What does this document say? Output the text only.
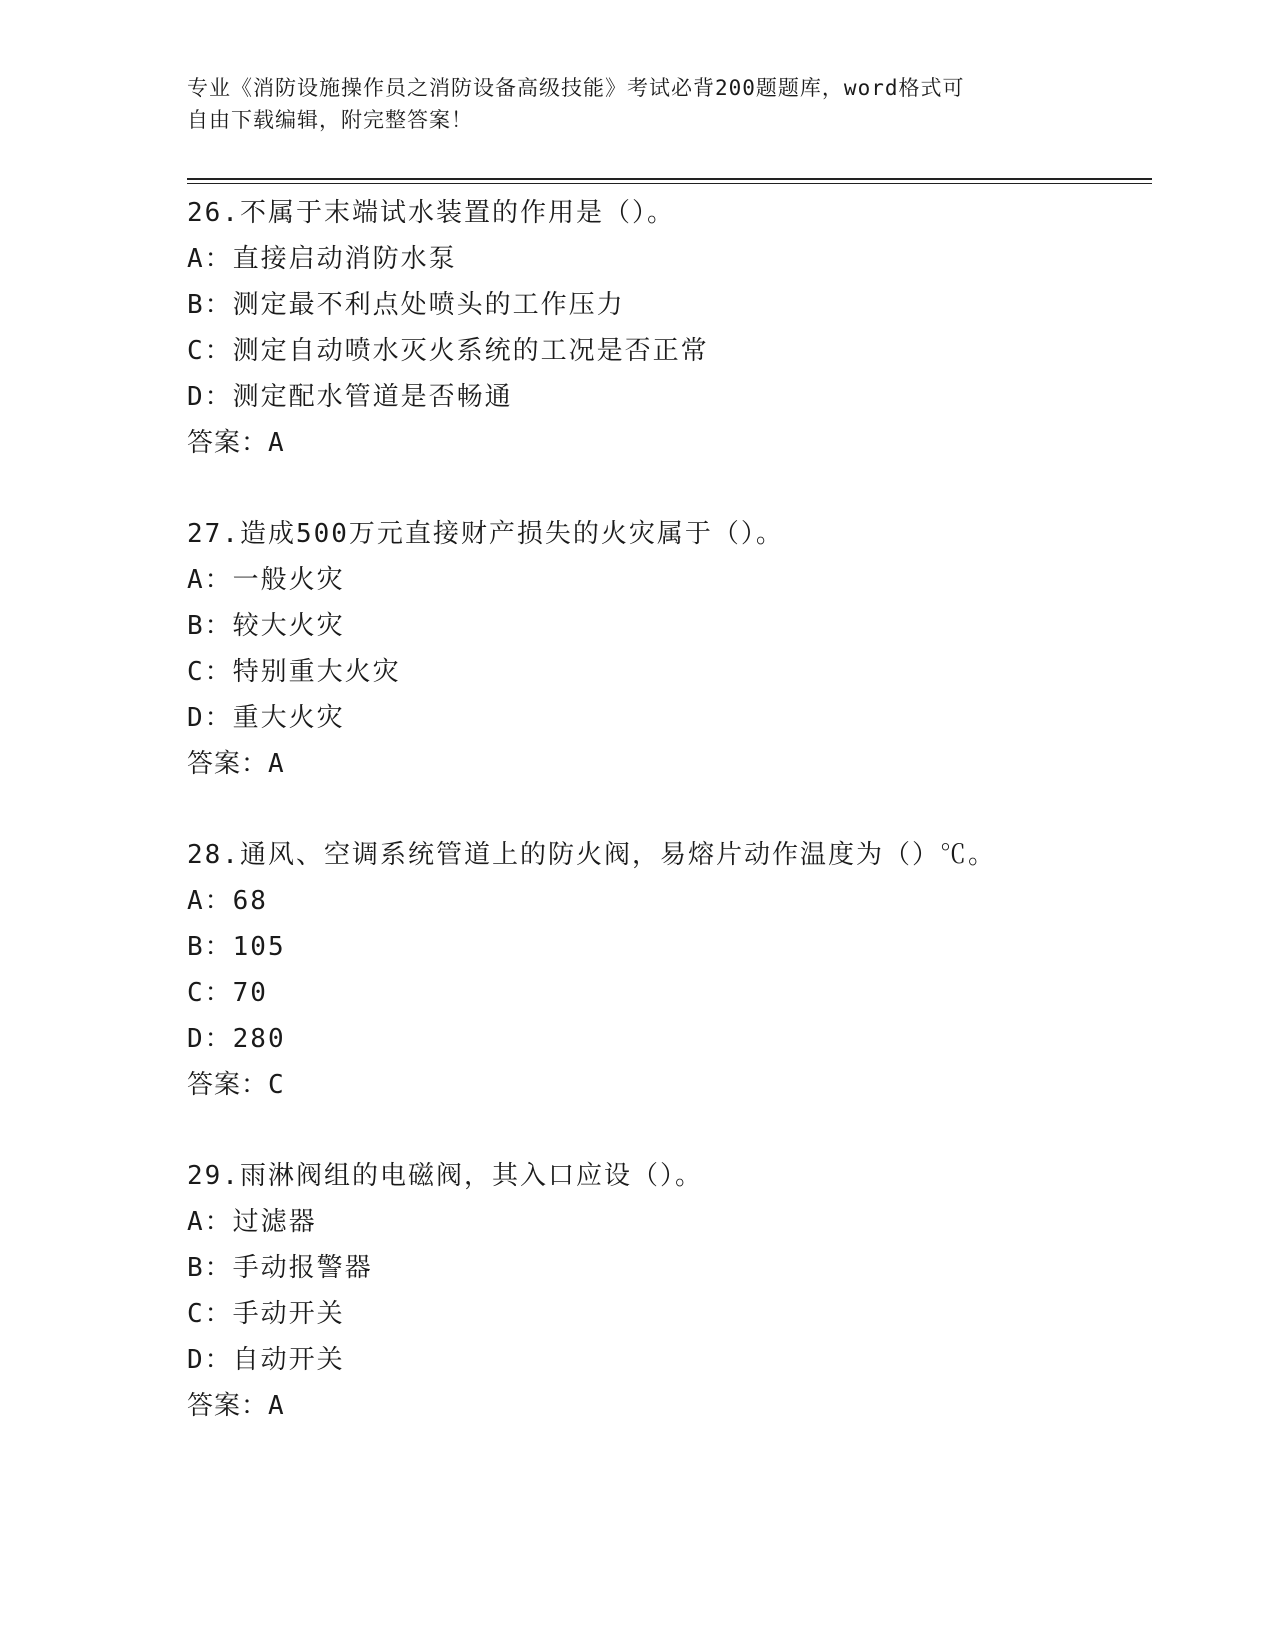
专业《消防设施操作员之消防设备高级技能》考试必背200题题库，word格式可
自由下载编辑，附完整答案！
26.不属于末端试水装置的作用是（）。
A：直接启动消防水泵
B：测定最不利点处喷头的工作压力
C：测定自动喷水灭火系统的工况是否正常
D：测定配水管道是否畅通
答案：A
27.造成500万元直接财产损失的火灾属于（）。
A：一般火灾
B：较大火灾
C：特别重大火灾
D：重大火灾
答案：A
28.通风、空调系统管道上的防火阀，易熔片动作温度为（）℃。
A：68
B：105
C：70
D：280
答案：C
29.雨淋阀组的电磁阀，其入口应设（）。
A：过滤器
B：手动报警器
C：手动开关
D：自动开关
答案：A
